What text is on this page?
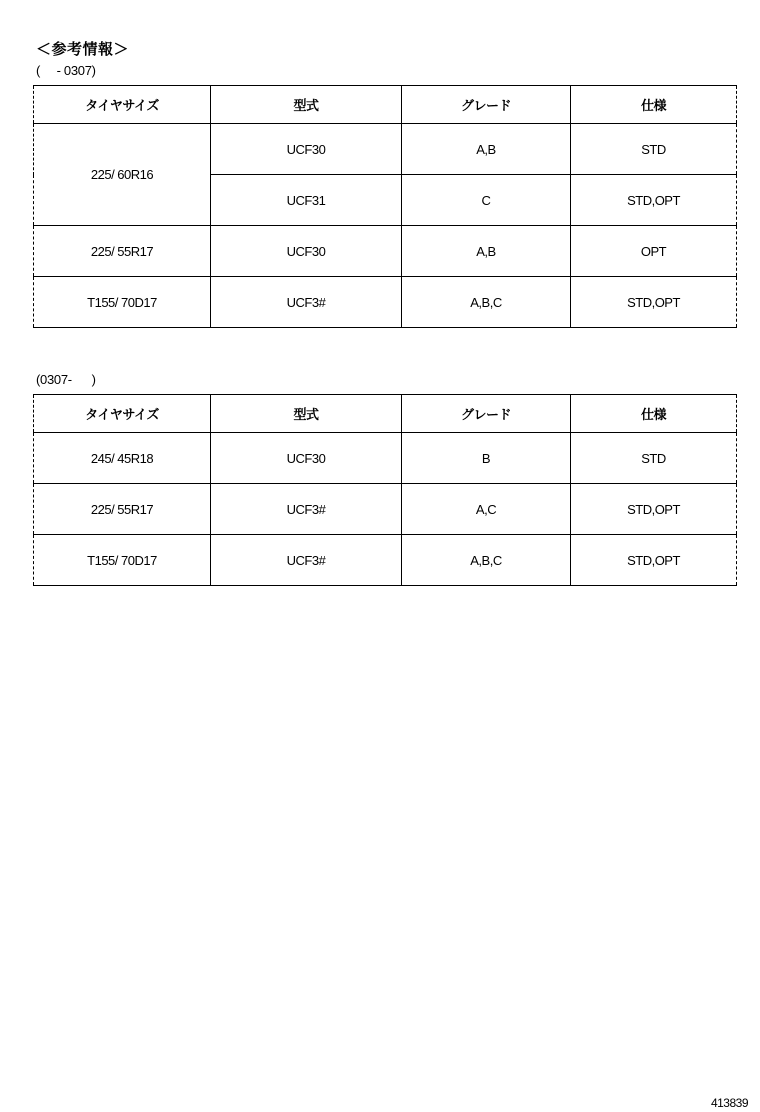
＜参考情報＞
(     - 0307)
タイヤサイズ	型式	グレード	仕様
225/ 60R16	UCF30	A,B	STD
	UCF31	C	STD,OPT
225/ 55R17	UCF30	A,B	OPT
T155/ 70D17	UCF3#	A,B,C	STD,OPT
(0307-      )
タイヤサイズ	型式	グレード	仕様
245/ 45R18	UCF30	B	STD
225/ 55R17	UCF3#	A,C	STD,OPT
T155/ 70D17	UCF3#	A,B,C	STD,OPT
413839
